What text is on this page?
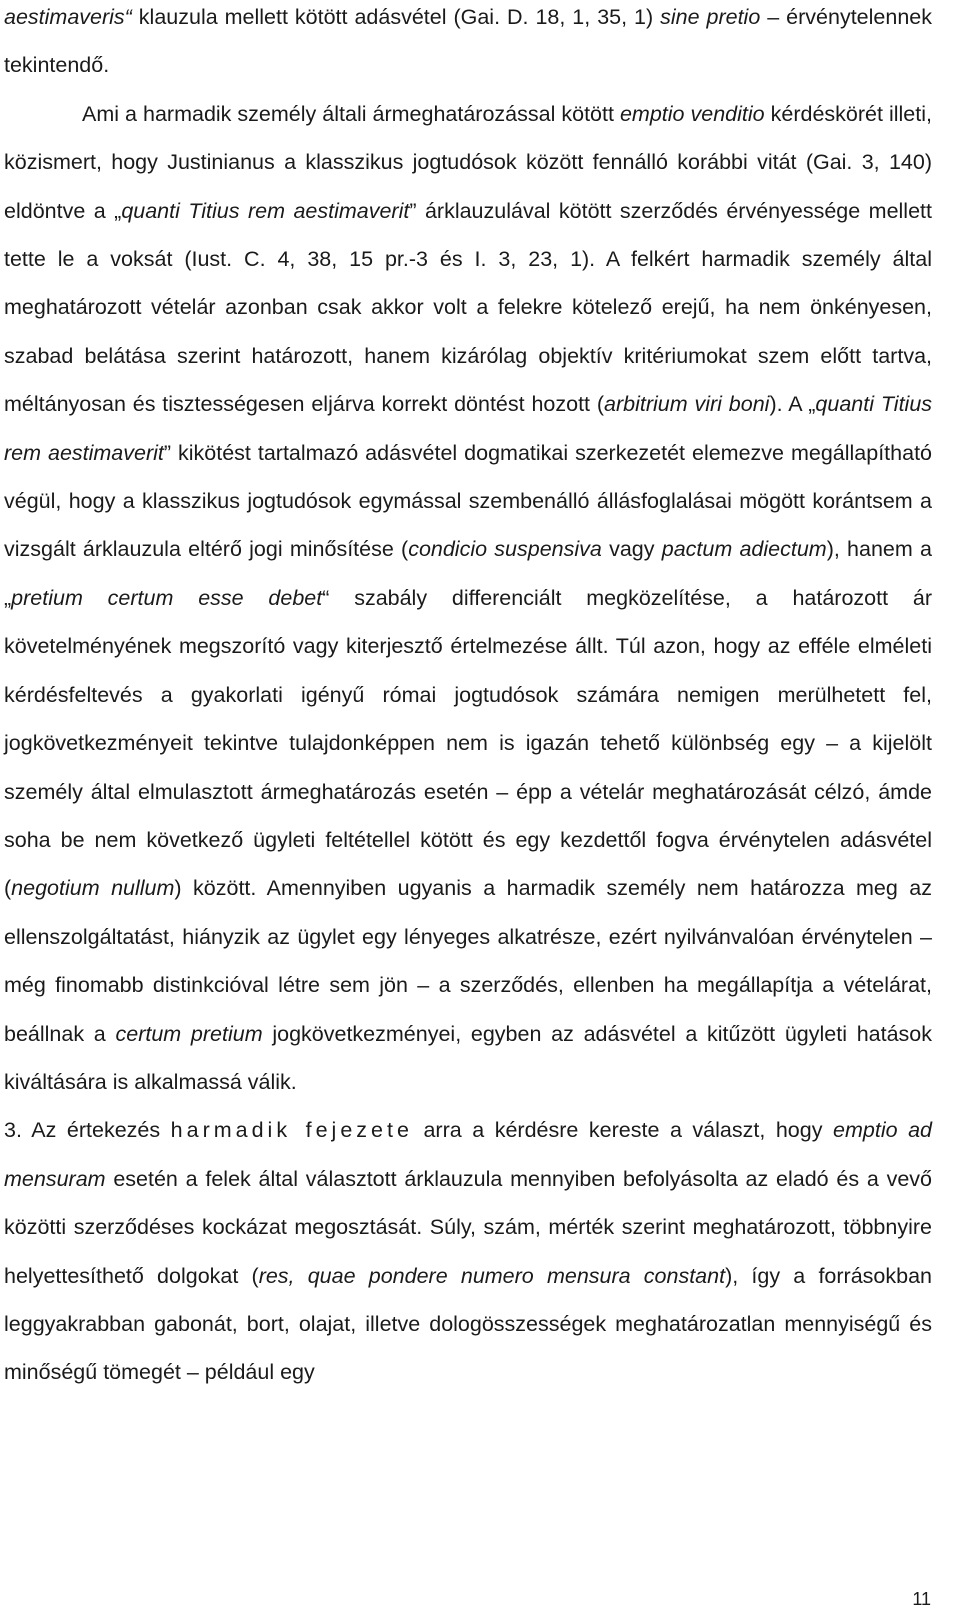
aestimaveris“ klauzula mellett kötött adásvétel (Gai. D. 18, 1, 35, 1) sine pretio – érvénytelennek tekintendő.

Ami a harmadik személy általi ármeghatározással kötött emptio venditio kérdéskörét illeti, közismert, hogy Justinianus a klasszikus jogtudósok között fennálló korábbi vitát (Gai. 3, 140) eldöntve a „quanti Titius rem aestimaverit” árklauzulával kötött szerződés érvényessége mellett tette le a voksát (Iust. C. 4, 38, 15 pr.-3 és I. 3, 23, 1). A felkért harmadik személy által meghatározott vételár azonban csak akkor volt a felekre kötelező erejű, ha nem önkényesen, szabad belátása szerint határozott, hanem kizárólag objektív kritériumokat szem előtt tartva, méltányosan és tisztességesen eljárva korrekt döntést hozott (arbitrium viri boni). A „quanti Titius rem aestimaverit” kikötést tartalmazó adásvétel dogmatikai szerkezetét elemezve megállapítható végül, hogy a klasszikus jogtudósok egymással szembenálló állásfoglalásai mögött korántsem a vizsgált árklauzula eltérő jogi minősítése (condicio suspensiva vagy pactum adiectum), hanem a „pretium certum esse debet“ szabály differenciált megközelítése, a határozott ár követelményének megszorító vagy kiterjesztő értelmezése állt. Túl azon, hogy az efféle elméleti kérdésfeltevés a gyakorlati igényű római jogtudósok számára nemigen merülhetett fel, jogkövetkezményeit tekintve tulajdonképpen nem is igazán tehető különbség egy – a kijelölt személy által elmulasztott ármeghatározás esetén – épp a vételár meghatározását célzó, ámde soha be nem következő ügyleti feltétellel kötött és egy kezdettől fogva érvénytelen adásvétel (negotium nullum) között. Amennyiben ugyanis a harmadik személy nem határozza meg az ellenszolgáltatást, hiányzik az ügylet egy lényeges alkatrésze, ezért nyilvánvalóan érvénytelen – még finomabb distinkcióval létre sem jön – a szerződés, ellenben ha megállapítja a vételárat, beállnak a certum pretium jogkövetkezményei, egyben az adásvétel a kitűzött ügyleti hatások kiváltására is alkalmassá válik.

3. Az értekezés harmadik fejezete arra a kérdésre kereste a választ, hogy emptio ad mensuram esetén a felek által választott árklauzula mennyiben befolyásolta az eladó és a vevő közötti szerződéses kockázat megosztását. Súly, szám, mérték szerint meghatározott, többnyire helyettesíthető dolgokat (res, quae pondere numero mensura constant), így a forrásokban leggyakrabban gabonát, bort, olajat, illetve dologösszességek meghatározatlan mennyiségű és minőségű tömegét – például egy

11
